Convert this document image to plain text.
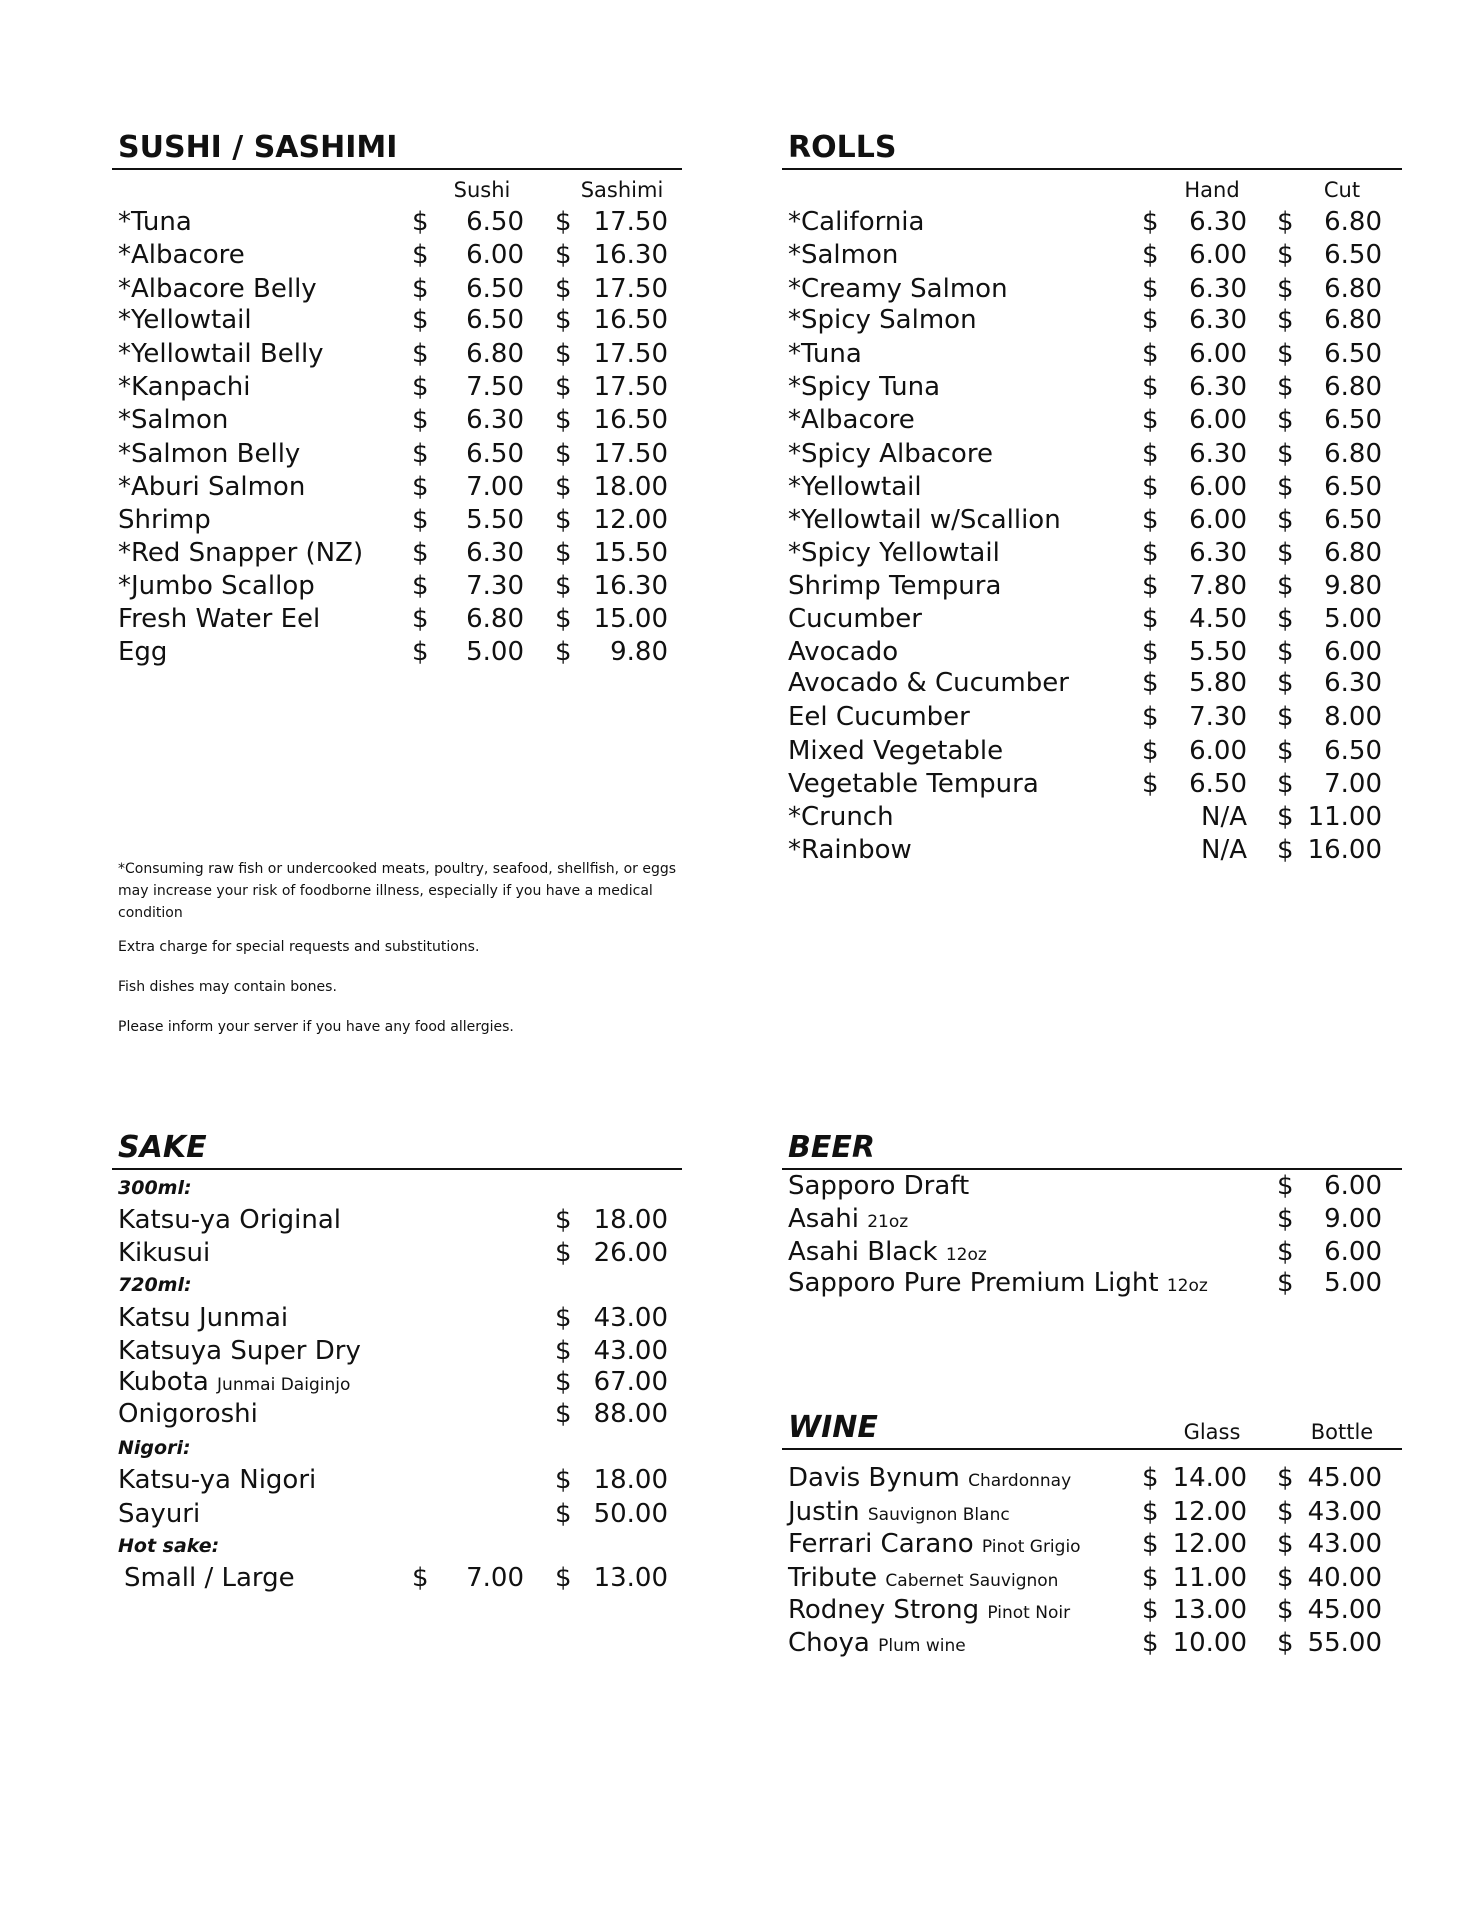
SUSHI / SASHIMI
Sushi	Sashimi
*Tuna	$	6.50 $ 17.50
*Albacore	$	6.00 $ 16.30
*Albacore Belly	$	6.50 $ 17.50
*Yellowtail	$	6.50 $ 16.50
*Yellowtail Belly	$	6.80 $ 17.50
*Kanpachi	$	7.50 $ 17.50
*Salmon	$	6.30 $ 16.50
*Salmon Belly	$	6.50 $ 17.50
*Aburi Salmon	$	7.00 $ 18.00
Shrimp	$	5.50 $ 12.00
*Red Snapper (NZ) $	6.30 $ 15.50
*Jumbo Scallop	$	7.30 $ 16.30
Fresh Water Eel	$	6.80 $ 15.00
Egg	$	5.00 $	9.80

*Consuming raw fish or undercooked meats, poultry, seafood, shellfish, or eggs may increase your risk of foodborne illness, especially if you have a medical condition

Extra charge for special requests and substitutions.

Fish dishes may contain bones.

Please inform your server if you have any food allergies.

ROLLS
Hand	Cut
*California	$	6.30 $	6.80
*Salmon	$	6.00 $	6.50
*Creamy Salmon	$	6.30 $	6.80
*Spicy Salmon	$	6.30 $	6.80
*Tuna	$	6.00 $	6.50
*Spicy Tuna	$	6.30 $	6.80
*Albacore	$	6.00 $	6.50
*Spicy Albacore	$	6.30 $	6.80
*Yellowtail	$	6.00 $	6.50
*Yellowtail w/Scallion	$	6.00 $	6.50
*Spicy Yellowtail	$	6.30 $	6.80
Shrimp Tempura	$	7.80 $	9.80
Cucumber	$	4.50 $	5.00
Avocado	$	5.50 $	6.00
Avocado & Cucumber	$	5.80 $	6.30
Eel Cucumber	$	7.30 $	8.00
Mixed Vegetable	$	6.00 $	6.50
Vegetable Tempura	$	6.50 $	7.00
*Crunch	N/A $ 11.00
*Rainbow	N/A $ 16.00
SAKE
300ml:
Katsu-ya Original	$ 18.00
Kikusui	$ 26.00
720ml:
Katsu Junmai	$ 43.00
Katsuya Super Dry	$ 43.00
Kubota Junmai Daiginjo	$ 67.00
Onigoroshi	$ 88.00
Nigori:
Katsu-ya Nigori	$ 18.00
Sayuri	$ 50.00
Hot sake:
Small / Large	$	7.00 $ 13.00
BEER
Sapporo Draft	$	6.00
Asahi 21oz	$	9.00
Asahi Black 12oz	$	6.00
Sapporo Pure Premium Light 12oz	$	5.00
WINE	Glass	Bottle
Davis Bynum Chardonnay	$ 14.00 $ 45.00
Justin Sauvignon Blanc	$ 12.00 $ 43.00
Ferrari Carano Pinot Grigio $ 12.00 $ 43.00
Tribute Cabernet Sauvignon	$ 11.00 $ 40.00
Rodney Strong Pinot Noir	$ 13.00 $ 45.00
Choya Plum wine	$ 10.00 $ 55.00
